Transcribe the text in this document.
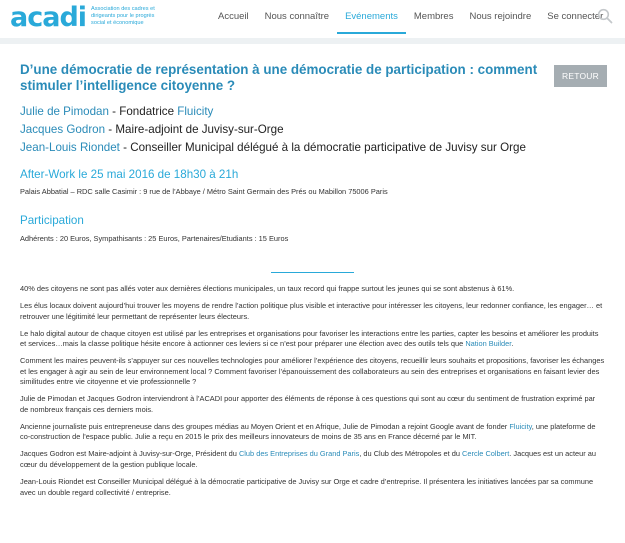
acadi Association des cadres et dirigeants pour le progrès social et économique
Accueil	Nous connaître	Evénements	Membres	Nous rejoindre	Se connecter
D’une démocratie de représentation à une démocratie de participation : comment stimuler l’intelligence citoyenne ?
RETOUR
Julie de Pimodan - Fondatrice Fluicity
Jacques Godron - Maire-adjoint de Juvisy-sur-Orge
Jean-Louis Riondet - Conseiller Municipal délégué à la démocratie participative de Juvisy sur Orge
After-Work le 25 mai 2016 de 18h30 à 21h
Palais Abbatial – RDC salle Casimir : 9 rue de l’Abbaye / Métro Saint Germain des Prés ou Mabillon 75006 Paris
Participation
Adhérents : 20 Euros, Sympathisants : 25 Euros, Partenaires/Etudiants : 15 Euros

40% des citoyens ne sont pas allés voter aux dernières élections municipales, un taux record qui frappe surtout les jeunes qui se sont abstenus à 61%.

Les élus locaux doivent aujourd’hui trouver les moyens de rendre l’action politique plus visible et interactive pour intéresser les citoyens, leur redonner confiance, les engager… et retrouver une légitimité leur permettant de représenter leurs électeurs.

Le halo digital autour de chaque citoyen est utilisé par les entreprises et organisations pour favoriser les interactions entre les parties, capter les besoins et améliorer les produits et services…mais la classe politique hésite encore à actionner ces leviers si ce n’est pour préparer une élection avec des outils tels que Nation Builder.

Comment les maires peuvent-ils s’appuyer sur ces nouvelles technologies pour améliorer l’expérience des citoyens, recueillir leurs souhaits et propositions, favoriser les échanges et les engager à agir au sein de leur environnement local ? Comment favoriser l’épanouissement des collaborateurs au sein des entreprises et organisations en faisant levier des similitudes entre vie citoyenne et vie professionnelle ?

Julie de Pimodan et Jacques Godron interviendront à l’ACADI pour apporter des éléments de réponse à ces questions qui sont au cœur du sentiment de frustration exprimé par de nombreux français ces derniers mois.

Ancienne journaliste puis entrepreneuse dans des groupes médias au Moyen Orient et en Afrique, Julie de Pimodan a rejoint Google avant de fonder Fluicity, une plateforme de co-construction de l’espace public. Julie a reçu en 2015 le prix des meilleurs innovateurs de moins de 35 ans en France décerné par le MIT.

Jacques Godron est Maire-adjoint à Juvisy-sur-Orge, Président du Club des Entreprises du Grand Paris, du Club des Métropoles et du Cercle Colbert. Jacques est un acteur au cœur du développement de la gestion publique locale.

Jean-Louis Riondet est Conseiller Municipal délégué à la démocratie participative de Juvisy sur Orge et cadre d’entreprise. Il présentera les initiatives lancées par sa commune avec un double regard collectivité / entreprise.
